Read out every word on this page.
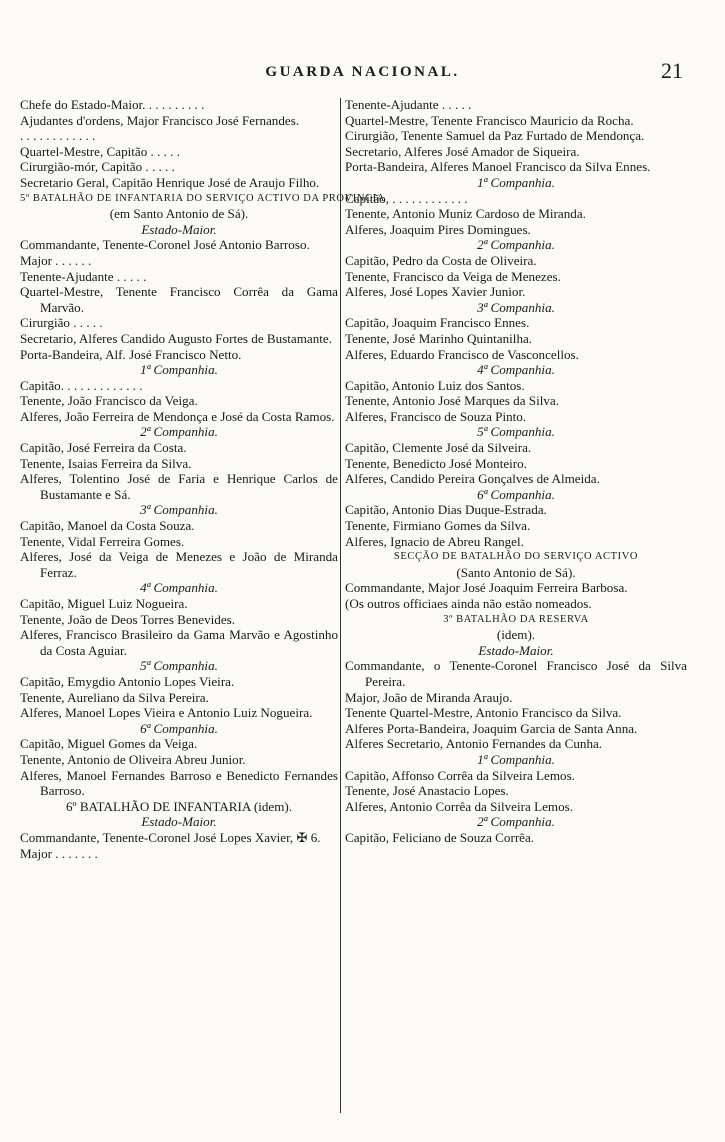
GUARDA NACIONAL.	21
Chefe do Estado-Maior. . . . . . . . . .
Ajudantes d'ordens, Major Francisco José Fernandes.
. . . . . . . . . . . .
Quartel-Mestre, Capitão . . . . .
Cirurgião-mór, Capitão . . . . .
Secretario Geral, Capitão Henrique José de Araujo Filho.
5º BATALHÃO DE INFANTARIA DO SERVIÇO ACTIVO DA PROVINCIA
(em Santo Antonio de Sá).
Estado-Maior.
Commandante, Tenente-Coronel José Antonio Barroso.
Major . . . . . .
Tenente-Ajudante . . . . .
Quartel-Mestre, Tenente Francisco Corrêa da Gama Marvão.
Cirurgião . . . . .
Secretario, Alferes Candido Augusto Fortes de Bustamante.
Porta-Bandeira, Alf. José Francisco Netto.
1ª Companhia.
Capitão. . . . . . . . . . . . .
Tenente, João Francisco da Veiga.
Alferes, João Ferreira de Mendonça e José da Costa Ramos.
2ª Companhia.
Capitão, José Ferreira da Costa.
Tenente, Isaias Ferreira da Silva.
Alferes, Tolentino José de Faria e Henrique Carlos de Bustamante e Sá.
3ª Companhia.
Capitão, Manoel da Costa Souza.
Tenente, Vidal Ferreira Gomes.
Alferes, José da Veiga de Menezes e João de Miranda Ferraz.
4ª Companhia.
Capitão, Miguel Luiz Nogueira.
Tenente, João de Deos Torres Benevides.
Alferes, Francisco Brasileiro da Gama Marvão e Agostinho da Costa Aguiar.
5ª Companhia.
Capitão, Emygdio Antonio Lopes Vieira.
Tenente, Aureliano da Silva Pereira.
Alferes, Manoel Lopes Vieira e Antonio Luiz Nogueira.
6ª Companhia.
Capitão, Miguel Gomes da Veiga.
Tenente, Antonio de Oliveira Abreu Junior.
Alferes, Manoel Fernandes Barroso e Benedicto Fernandes Barroso.
6º BATALHÃO DE INFANTARIA (idem).
Estado-Maior.
Commandante, Tenente-Coronel José Lopes Xavier, ✠ 6.
Major . . . . . . .
Tenente-Ajudante . . . . .
Quartel-Mestre, Tenente Francisco Mauricio da Rocha.
Cirurgião, Tenente Samuel da Paz Furtado de Mendonça.
Secretario, Alferes José Amador de Siqueira.
Porta-Bandeira, Alferes Manoel Francisco da Silva Ennes.
1ª Companhia.
Capitão, . . . . . . . . . . . .
Tenente, Antonio Muniz Cardoso de Miranda.
Alferes, Joaquim Pires Domingues.
2ª Companhia.
Capitão, Pedro da Costa de Oliveira.
Tenente, Francisco da Veiga de Menezes.
Alferes, José Lopes Xavier Junior.
3ª Companhia.
Capitão, Joaquim Francisco Ennes.
Tenente, José Marinho Quintanilha.
Alferes, Eduardo Francisco de Vasconcellos.
4ª Companhia.
Capitão, Antonio Luiz dos Santos.
Tenente, Antonio José Marques da Silva.
Alferes, Francisco de Souza Pinto.
5ª Companhia.
Capitão, Clemente José da Silveira.
Tenente, Benedicto José Monteiro.
Alferes, Candido Pereira Gonçalves de Almeida.
6ª Companhia.
Capitão, Antonio Dias Duque-Estrada.
Tenente, Firmiano Gomes da Silva.
Alferes, Ignacio de Abreu Rangel.
SECÇÃO DE BATALHÃO DO SERVIÇO ACTIVO
(Santo Antonio de Sá).
Commandante, Major José Joaquim Ferreira Barbosa.
(Os outros officiaes ainda não estão nomeados.
3º BATALHÃO DA RESERVA
(idem).
Estado-Maior.
Commandante, o Tenente-Coronel Francisco José da Silva Pereira.
Major, João de Miranda Araujo.
Tenente Quartel-Mestre, Antonio Francisco da Silva.
Alferes Porta-Bandeira, Joaquim Garcia de Santa Anna.
Alferes Secretario, Antonio Fernandes da Cunha.
1ª Companhia.
Capitão, Affonso Corrêa da Silveira Lemos.
Tenente, José Anastacio Lopes.
Alferes, Antonio Corrêa da Silveira Lemos.
2ª Companhia.
Capitão, Feliciano de Souza Corrêa.
